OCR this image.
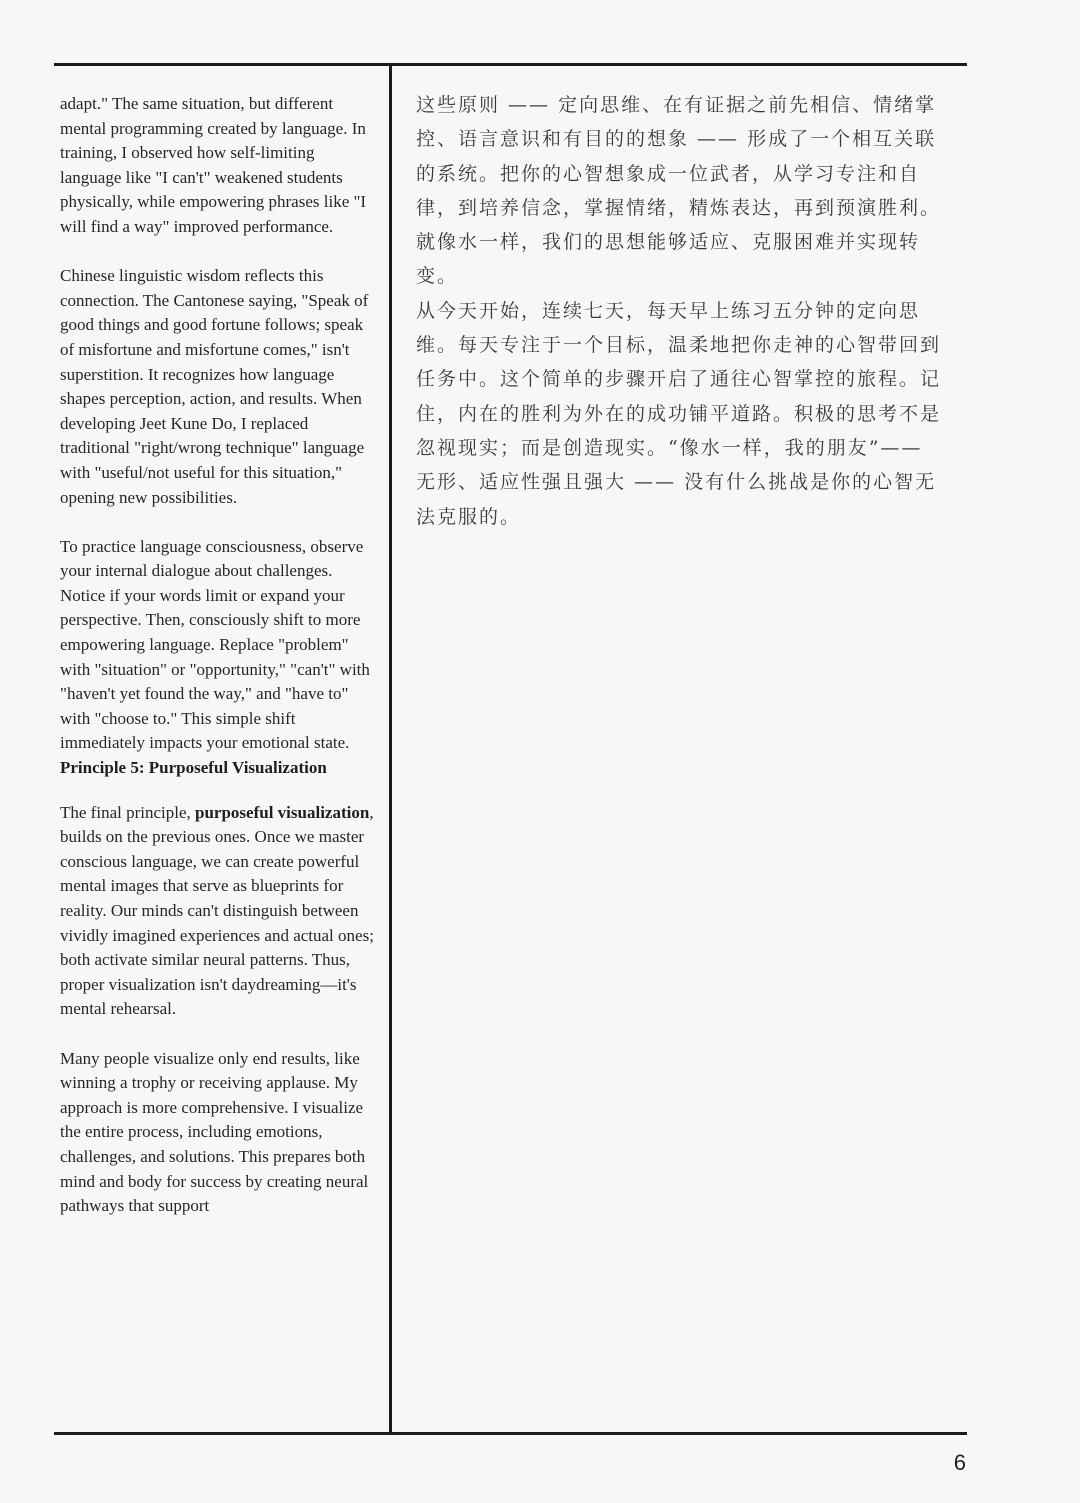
adapt." The same situation, but different mental programming created by language. In training, I observed how self-limiting language like "I can't" weakened students physically, while empowering phrases like "I will find a way" improved performance.

Chinese linguistic wisdom reflects this connection. The Cantonese saying, "Speak of good things and good fortune follows; speak of misfortune and misfortune comes," isn't superstition. It recognizes how language shapes perception, action, and results. When developing Jeet Kune Do, I replaced traditional "right/wrong technique" language with "useful/not useful for this situation," opening new possibilities.

To practice language consciousness, observe your internal dialogue about challenges. Notice if your words limit or expand your perspective. Then, consciously shift to more empowering language. Replace "problem" with "situation" or "opportunity," "can't" with "haven't yet found the way," and "have to" with "choose to." This simple shift immediately impacts your emotional state.

Principle 5: Purposeful Visualization

The final principle, purposeful visualization, builds on the previous ones. Once we master conscious language, we can create powerful mental images that serve as blueprints for reality. Our minds can't distinguish between vividly imagined experiences and actual ones; both activate similar neural patterns. Thus, proper visualization isn't daydreaming—it's mental rehearsal.

Many people visualize only end results, like winning a trophy or receiving applause. My approach is more comprehensive. I visualize the entire process, including emotions, challenges, and solutions. This prepares both mind and body for success by creating neural pathways that support

这些原则 —— 定向思维、在有证据之前先相信、情绪掌控、语言意识和有目的的想象 —— 形成了一个相互关联的系统。把你的心智想象成一位武者，从学习专注和自律，到培养信念，掌握情绪，精炼表达，再到预演胜利。就像水一样，我们的思想能够适应、克服困难并实现转变。

从今天开始，连续七天，每天早上练习五分钟的定向思维。每天专注于一个目标，温柔地把你走神的心智带回到任务中。这个简单的步骤开启了通往心智掌控的旅程。记住，内在的胜利为外在的成功铺平道路。积极的思考不是忽视现实；而是创造现实。“像水一样，我的朋友”—— 无形、适应性强且强大 —— 没有什么挑战是你的心智无法克服的。

6
